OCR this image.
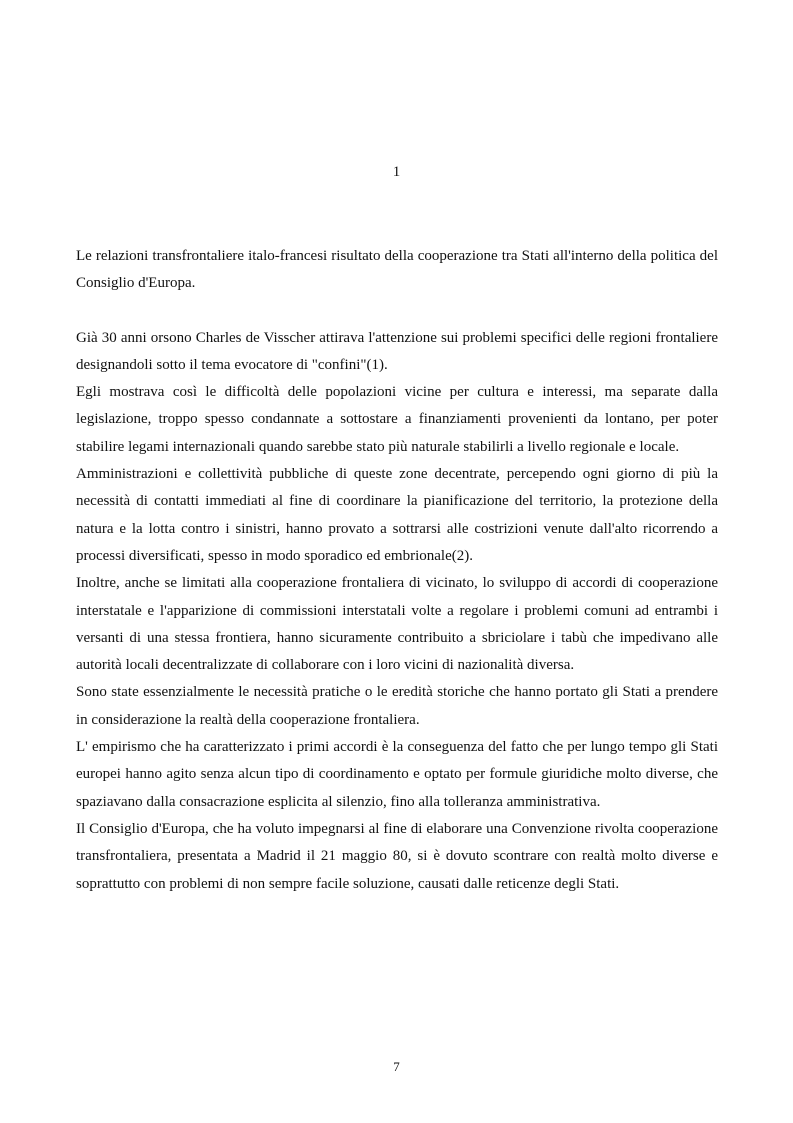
1

Le relazioni transfrontaliere italo-francesi risultato della cooperazione tra Stati all'interno della politica del Consiglio d'Europa.

Già 30 anni orsono Charles de Visscher attirava l'attenzione sui problemi specifici delle regioni frontaliere designandoli sotto il tema evocatore di "confini"(1).

Egli mostrava così le difficoltà delle popolazioni vicine per cultura e interessi, ma separate dalla legislazione, troppo spesso condannate a sottostare a finanziamenti provenienti da lontano, per poter stabilire legami internazionali quando sarebbe stato più naturale stabilirli a livello regionale e locale.

Amministrazioni e collettività pubbliche di queste zone decentrate, percependo ogni giorno di più la necessità di contatti immediati al fine di coordinare la pianificazione del territorio, la protezione della natura e la lotta contro i sinistri, hanno provato a sottrarsi alle costrizioni venute dall'alto ricorrendo a processi diversificati, spesso in modo sporadico ed embrionale(2).

Inoltre, anche se limitati alla cooperazione frontaliera di vicinato, lo sviluppo di accordi di cooperazione interstatale e l'apparizione di commissioni interstatali volte a regolare i problemi comuni ad entrambi i versanti di una stessa frontiera, hanno sicuramente contribuito a sbriciolare i tabù che impedivano alle autorità locali decentralizzate di collaborare con i loro vicini di nazionalità diversa.

Sono state essenzialmente le necessità pratiche o le eredità storiche che hanno portato gli Stati a prendere in considerazione la realtà della cooperazione frontaliera.

L' empirismo che ha caratterizzato i primi accordi è la conseguenza del fatto che per lungo tempo gli Stati europei hanno agito senza alcun tipo di coordinamento e optato per formule giuridiche molto diverse, che spaziavano dalla consacrazione esplicita al silenzio, fino alla tolleranza amministrativa.

Il Consiglio d'Europa, che ha voluto impegnarsi al fine di elaborare una Convenzione rivolta cooperazione transfrontaliera, presentata a Madrid il 21 maggio 80, si è dovuto scontrare con realtà molto diverse e soprattutto con problemi di non sempre facile soluzione, causati dalle reticenze degli Stati.

7
